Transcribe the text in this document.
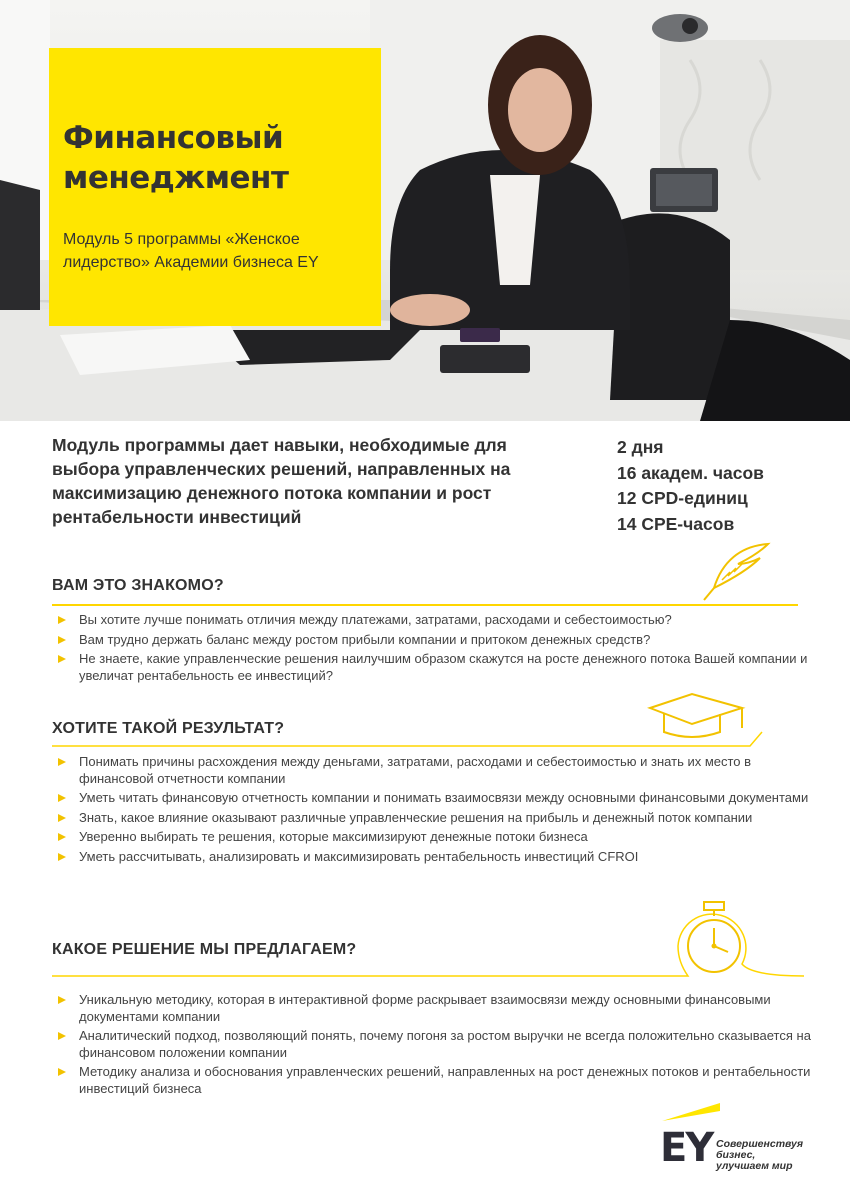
Финансовый
менеджмент
Модуль 5 программы «Женское лидерство» Академии бизнеса EY
Модуль программы дает навыки, необходимые для
выбора управленческих решений, направленных на
максимизацию денежного потока компании и рост
рентабельности инвестиций
2 дня
16 академ. часов
12 CPD-единиц
14 CPE-часов
ВАМ ЭТО ЗНАКОМО?
Вы хотите лучше понимать отличия между платежами, затратами, расходами и себестоимостью?
Вам трудно держать баланс между ростом прибыли компании и притоком денежных средств?
Не знаете, какие управленческие решения наилучшим образом скажутся на росте денежного потока Вашей компании и увеличат рентабельность ее инвестиций?
ХОТИТЕ ТАКОЙ РЕЗУЛЬТАТ?
Понимать причины расхождения между деньгами, затратами, расходами и себестоимостью и знать их место в финансовой отчетности компании
Уметь читать финансовую отчетность компании и понимать взаимосвязи между основными финансовыми документами
Знать, какое влияние оказывают различные управленческие решения на прибыль и денежный поток компании
Уверенно выбирать те решения, которые максимизируют денежные потоки бизнеса
Уметь рассчитывать, анализировать и максимизировать рентабельность инвестиций CFROI
КАКОЕ РЕШЕНИЕ МЫ ПРЕДЛАГАЕМ?
Уникальную методику, которая в интерактивной форме раскрывает взаимосвязи между основными финансовыми документами компании
Аналитический подход, позволяющий понять, почему погоня за ростом выручки не всегда положительно сказывается на финансовом положении компании
Методику анализа и обоснования управленческих решений, направленных на рост денежных потоков и рентабельности инвестиций бизнеса
EY Совершенствуя бизнес,
улучшаем мир
